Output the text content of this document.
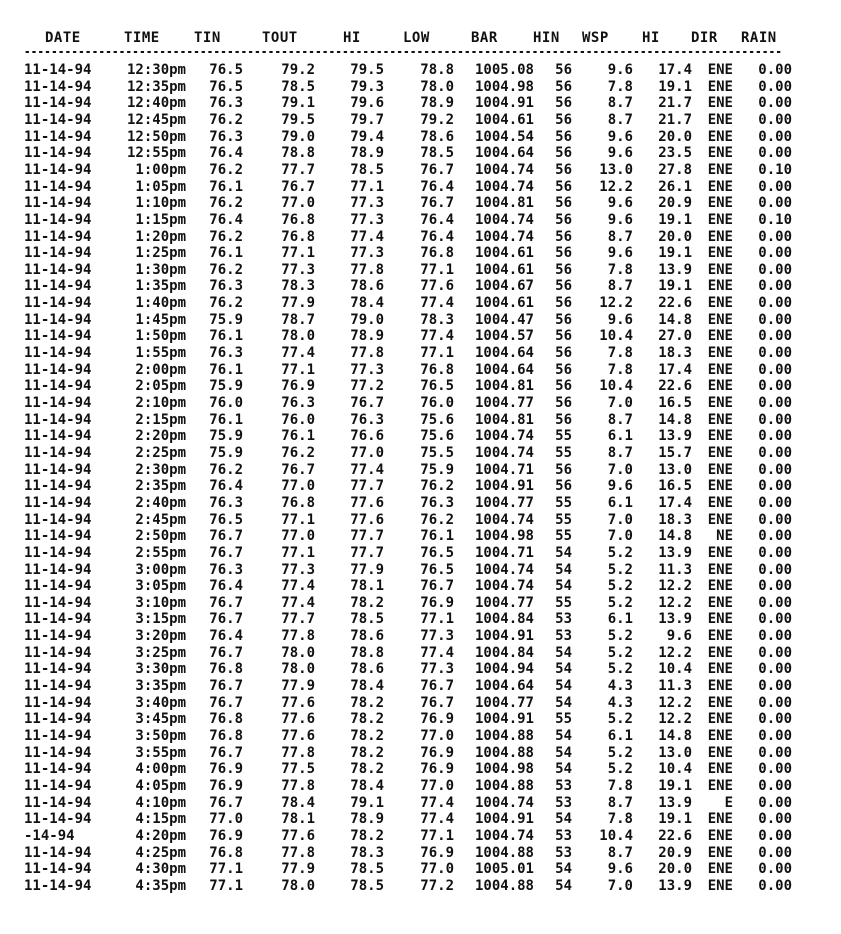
DATE	TIME TIN	TOUT	HI	LOW	BAR	HIN WSP HI DIR RAIN
----------------------------------------------------------------------------------------------------------------
11-14-94	12:30pm 76.5	79.2	79.5	78.8 1005.08 56	9.6 17.4 ENE 0.00
11-14-94	12:35pm 76.5	78.5	79.3	78.0 1004.98 56	7.8 19.1 ENE 0.00
11-14-94	12:40pm 76.3	79.1	79.6	78.9 1004.91 56	8.7 21.7 ENE 0.00
11-14-94	12:45pm 76.2	79.5	79.7	79.2 1004.61 56	8.7 21.7 ENE 0.00
11-14-94	12:50pm 76.3	79.0	79.4	78.6 1004.54 56	9.6 20.0 ENE 0.00
11-14-94	12:55pm 76.4	78.8	78.9	78.5 1004.64 56	9.6 23.5 ENE 0.00
11-14-94	1:00pm 76.2	77.7	78.5	76.7 1004.74 56 13.0 27.8 ENE 0.10
11-14-94	1:05pm 76.1	76.7	77.1	76.4 1004.74 56 12.2 26.1 ENE 0.00
11-14-94	1:10pm 76.2	77.0	77.3	76.7 1004.81 56	9.6 20.9 ENE 0.00
11-14-94	1:15pm 76.4	76.8	77.3	76.4 1004.74 56	9.6 19.1 ENE 0.10
11-14-94	1:20pm 76.2	76.8	77.4	76.4 1004.74 56	8.7 20.0 ENE 0.00
11-14-94	1:25pm 76.1	77.1	77.3	76.8 1004.61 56	9.6 19.1 ENE 0.00
11-14-94	1:30pm 76.2	77.3	77.8	77.1 1004.61 56	7.8 13.9 ENE 0.00
11-14-94	1:35pm 76.3	78.3	78.6	77.6 1004.67 56	8.7 19.1 ENE 0.00
11-14-94	1:40pm 76.2	77.9	78.4	77.4 1004.61 56 12.2 22.6 ENE 0.00
11-14-94	1:45pm 75.9	78.7	79.0	78.3 1004.47 56	9.6 14.8 ENE 0.00
11-14-94	1:50pm 76.1	78.0	78.9	77.4 1004.57 56 10.4 27.0 ENE 0.00
11-14-94	1:55pm 76.3	77.4	77.8	77.1 1004.64 56	7.8 18.3 ENE 0.00
11-14-94	2:00pm 76.1	77.1	77.3	76.8 1004.64 56	7.8 17.4 ENE 0.00
11-14-94	2:05pm 75.9	76.9	77.2	76.5 1004.81 56 10.4 22.6 ENE 0.00
11-14-94	2:10pm 76.0	76.3	76.7	76.0 1004.77 56	7.0 16.5 ENE 0.00
11-14-94	2:15pm 76.1	76.0	76.3	75.6 1004.81 56	8.7 14.8 ENE 0.00
11-14-94	2:20pm 75.9	76.1	76.6	75.6 1004.74 55	6.1 13.9 ENE 0.00
11-14-94	2:25pm 75.9	76.2	77.0	75.5 1004.74 55	8.7 15.7 ENE 0.00
11-14-94	2:30pm 76.2	76.7	77.4	75.9 1004.71 56	7.0 13.0 ENE 0.00
11-14-94	2:35pm 76.4	77.0	77.7	76.2 1004.91 56	9.6 16.5 ENE 0.00
11-14-94	2:40pm 76.3	76.8	77.6	76.3 1004.77 55	6.1 17.4 ENE 0.00
11-14-94	2:45pm 76.5	77.1	77.6	76.2 1004.74 55	7.0 18.3 ENE 0.00
11-14-94	2:50pm 76.7	77.0	77.7	76.1 1004.98 55	7.0 14.8 NE 0.00
11-14-94	2:55pm 76.7	77.1	77.7	76.5 1004.71 54	5.2 13.9 ENE 0.00
11-14-94	3:00pm 76.3	77.3	77.9	76.5 1004.74 54	5.2 11.3 ENE 0.00
11-14-94	3:05pm 76.4	77.4	78.1	76.7 1004.74 54	5.2 12.2 ENE 0.00
11-14-94	3:10pm 76.7	77.4	78.2	76.9 1004.77 55	5.2 12.2 ENE 0.00
11-14-94	3:15pm 76.7	77.7	78.5	77.1 1004.84 53	6.1 13.9 ENE 0.00
11-14-94	3:20pm 76.4	77.8	78.6	77.3 1004.91 53	5.2 9.6 ENE 0.00
11-14-94	3:25pm 76.7	78.0	78.8	77.4 1004.84 54	5.2 12.2 ENE 0.00
11-14-94	3:30pm 76.8	78.0	78.6	77.3 1004.94 54	5.2 10.4 ENE 0.00
11-14-94	3:35pm 76.7	77.9	78.4	76.7 1004.64 54	4.3 11.3 ENE 0.00
11-14-94	3:40pm 76.7	77.6	78.2	76.7 1004.77 54	4.3 12.2 ENE 0.00
11-14-94	3:45pm 76.8	77.6	78.2	76.9 1004.91 55	5.2 12.2 ENE 0.00
11-14-94	3:50pm 76.8	77.6	78.2	77.0 1004.88 54	6.1 14.8 ENE 0.00
11-14-94	3:55pm 76.7	77.8	78.2	76.9 1004.88 54	5.2 13.0 ENE 0.00
11-14-94	4:00pm 76.9	77.5	78.2	76.9 1004.98 54	5.2 10.4 ENE 0.00
11-14-94	4:05pm 76.9	77.8	78.4	77.0 1004.88 53	7.8 19.1 ENE 0.00
11-14-94	4:10pm 76.7	78.4	79.1	77.4 1004.74 53	8.7 13.9 E 0.00
11-14-94	4:15pm 77.0	78.1	78.9	77.4 1004.91 54	7.8 19.1 ENE 0.00
-14-94	4:20pm 76.9	77.6	78.2	77.1 1004.74 53 10.4 22.6 ENE 0.00
11-14-94	4:25pm 76.8	77.8	78.3	76.9 1004.88 53	8.7 20.9 ENE 0.00
11-14-94	4:30pm 77.1	77.9	78.5	77.0 1005.01 54	9.6 20.0 ENE 0.00
11-14-94	4:35pm 77.1	78.0	78.5	77.2 1004.88 54	7.0 13.9 ENE 0.00
